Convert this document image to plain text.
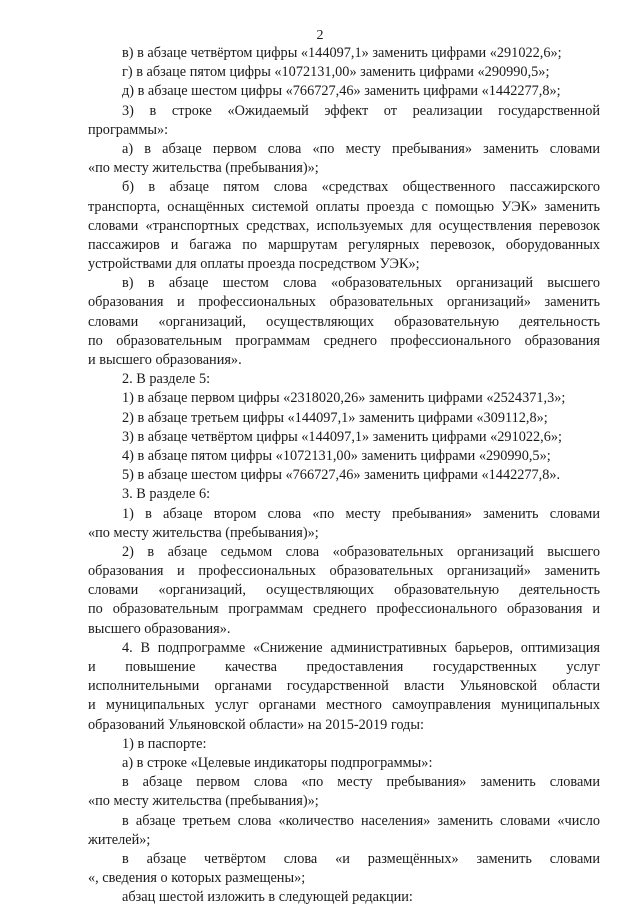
2
в) в абзаце четвёртом цифры «144097,1» заменить цифрами «291022,6»;
г) в абзаце пятом цифры «1072131,00» заменить цифрами «290990,5»;
д) в абзаце шестом цифры «766727,46» заменить цифрами «1442277,8»;
3) в строке «Ожидаемый эффект от реализации государственной
программы»:
а) в абзаце первом слова «по месту пребывания» заменить словами
«по месту жительства (пребывания)»;
б) в абзаце пятом слова «средствах общественного пассажирского
транспорта, оснащённых системой оплаты проезда с помощью УЭК» заменить
словами «транспортных средствах, используемых для осуществления перевозок
пассажиров и багажа по маршрутам регулярных перевозок, оборудованных
устройствами для оплаты проезда посредством УЭК»;
в) в абзаце шестом слова «образовательных организаций высшего
образования и профессиональных образовательных организаций» заменить
словами «организаций, осуществляющих образовательную деятельность
по образовательным программам среднего профессионального образования
и высшего образования».
2. В разделе 5:
1) в абзаце первом цифры «2318020,26» заменить цифрами «2524371,3»;
2) в абзаце третьем цифры «144097,1» заменить цифрами «309112,8»;
3) в абзаце четвёртом цифры «144097,1» заменить цифрами «291022,6»;
4) в абзаце пятом цифры «1072131,00» заменить цифрами «290990,5»;
5) в абзаце шестом цифры «766727,46» заменить цифрами «1442277,8».
3. В разделе 6:
1) в абзаце втором слова «по месту пребывания» заменить словами
«по месту жительства (пребывания)»;
2) в абзаце седьмом слова «образовательных организаций высшего
образования и профессиональных образовательных организаций» заменить
словами «организаций, осуществляющих образовательную деятельность
по образовательным программам среднего профессионального образования и
высшего образования».
4. В подпрограмме «Снижение административных барьеров, оптимизация
и повышение качества предоставления государственных услуг
исполнительными органами государственной власти Ульяновской области
и муниципальных услуг органами местного самоуправления муниципальных
образований Ульяновской области» на 2015-2019 годы:
1) в паспорте:
а) в строке «Целевые индикаторы подпрограммы»:
в абзаце первом слова «по месту пребывания» заменить словами
«по месту жительства (пребывания)»;
в абзаце третьем слова «количество населения» заменить словами «число
жителей»;
в абзаце четвёртом слова «и размещённых» заменить словами
«, сведения о которых размещены»;
абзац шестой изложить в следующей редакции:
